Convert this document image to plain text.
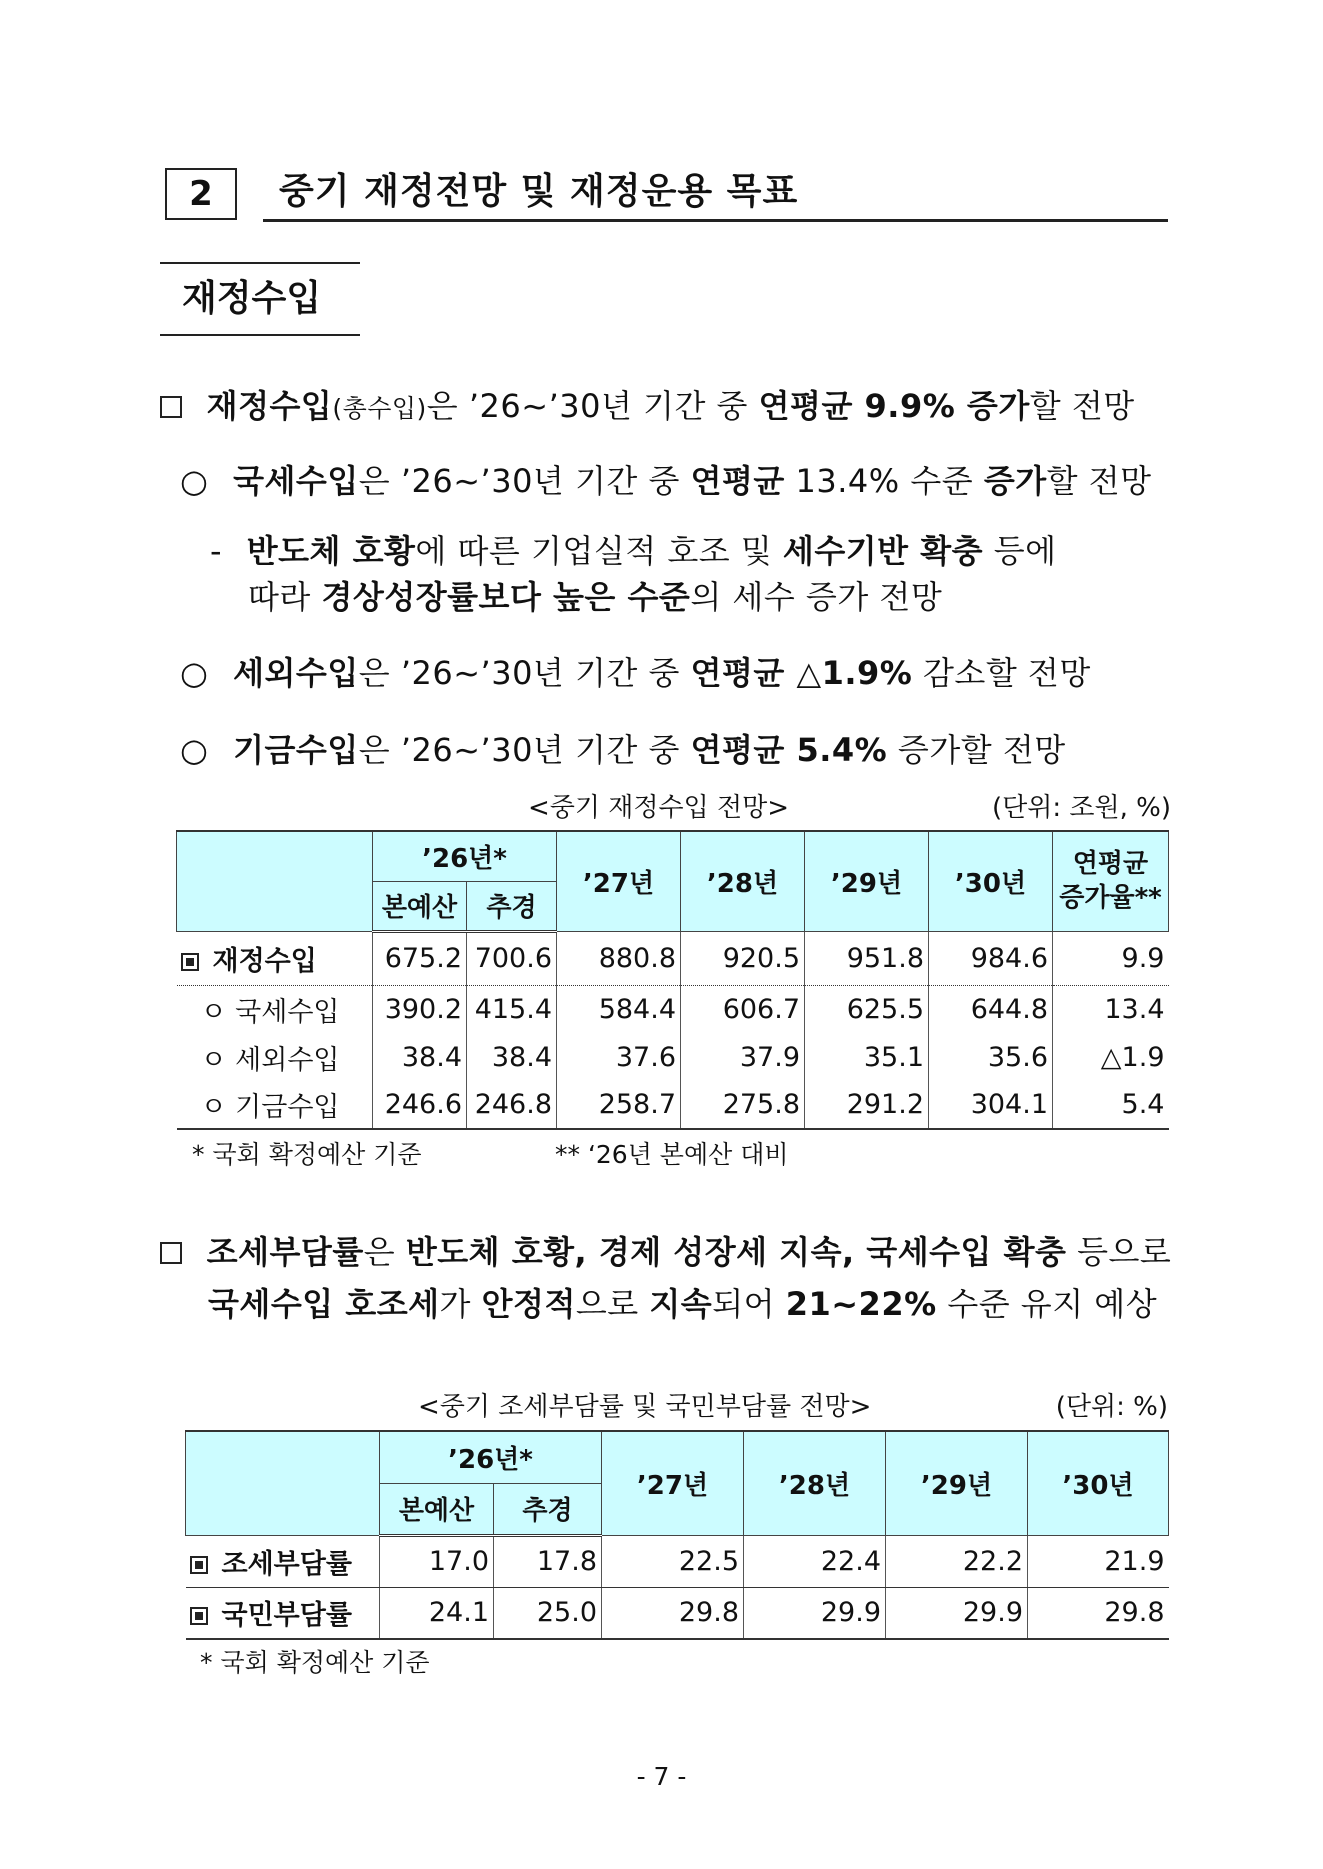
2	중기 재정전망 및 재정운용 목표
재정수입
재정수입(총수입)은 ’26~’30년 기간 중 연평균 9.9% 증가할 전망
○ 국세수입은 ’26~’30년 기간 중 연평균 13.4% 수준 증가할 전망
- 반도체 호황에 따른 기업실적 호조 및 세수기반 확충 등에
따라 경상성장률보다 높은 수준의 세수 증가 전망
○ 세외수입은 ’26~’30년 기간 중 연평균 △1.9% 감소할 전망
○ 기금수입은 ’26~’30년 기간 중 연평균 5.4% 증가할 전망
<중기 재정수입 전망>	(단위: 조원, %)
	’26년*		’27년	’28년	’29년	’30년	연평균
증가율**

	본예산	추경					
재정수입	675.2	700.6	880.8	920.5	951.8	984.6	9.9
ㅇ 국세수입	390.2	415.4	584.4	606.7	625.5	644.8	13.4
ㅇ 세외수입	38.4	38.4	37.6	37.9	35.1	35.6	△1.9
ㅇ 기금수입	246.6	246.8	258.7	275.8	291.2	304.1	5.4
* 국회 확정예산 기준	** ‘26년 본예산 대비
조세부담률은 반도체 호황, 경제 성장세 지속, 국세수입 확충 등으로
국세수입 호조세가 안정적으로 지속되어 21~22% 수준 유지 예상
<중기 조세부담률 및 국민부담률 전망>	(단위: %)
	’26년*		’27년	’28년	’29년	’30년
	본예산	추경				
조세부담률	17.0	17.8	22.5	22.4	22.2	21.9
국민부담률	24.1	25.0	29.8	29.9	29.9	29.8
* 국회 확정예산 기준
- 7 -
